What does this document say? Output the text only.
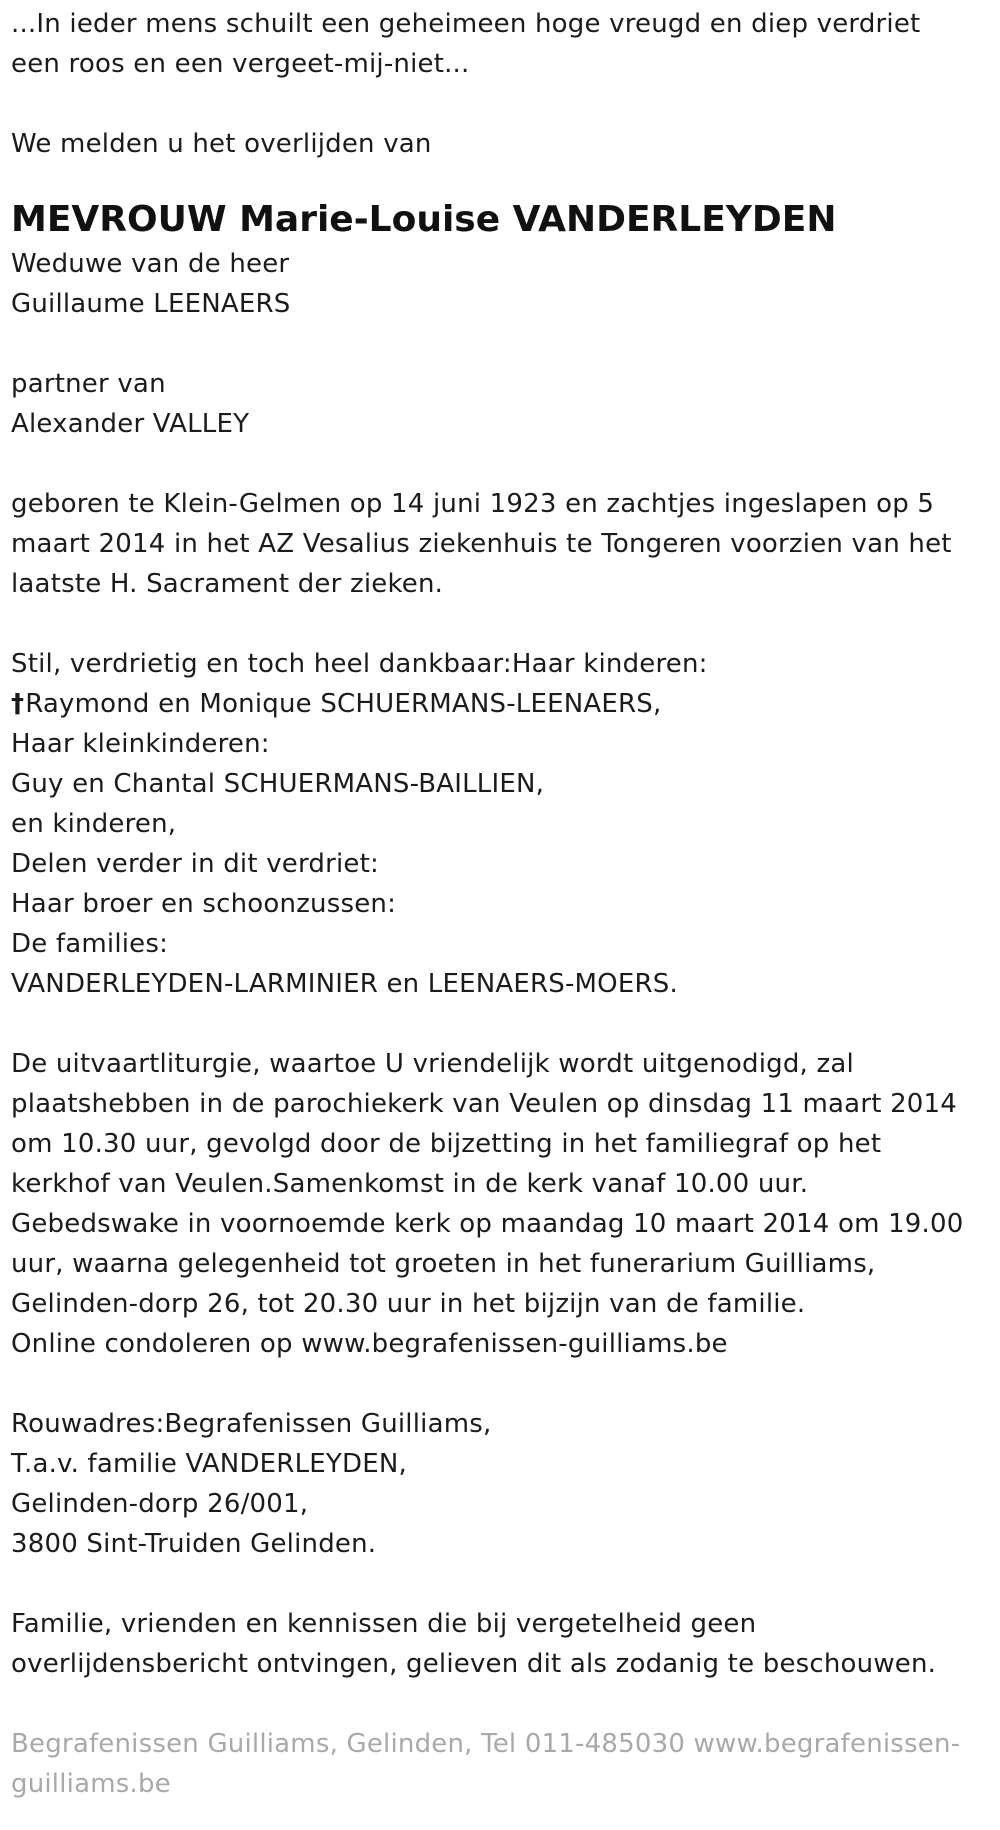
...In ieder mens schuilt een geheimeen hoge vreugd en diep verdriet
een roos en een vergeet-mij-niet...

We melden u het overlijden van

MEVROUW Marie-Louise VANDERLEYDEN
Weduwe van de heer
Guillaume LEENAERS

partner van
Alexander VALLEY

geboren te Klein-Gelmen op 14 juni 1923 en zachtjes ingeslapen op 5
maart 2014 in het AZ Vesalius ziekenhuis te Tongeren voorzien van het
laatste H. Sacrament der zieken.

Stil, verdrietig en toch heel dankbaar:Haar kinderen:
†Raymond en Monique SCHUERMANS-LEENAERS,
Haar kleinkinderen:
Guy en Chantal SCHUERMANS-BAILLIEN,
en kinderen,
Delen verder in dit verdriet:
Haar broer en schoonzussen:
De families:
VANDERLEYDEN-LARMINIER en LEENAERS-MOERS.

De uitvaartliturgie, waartoe U vriendelijk wordt uitgenodigd, zal
plaatshebben in de parochiekerk van Veulen op dinsdag 11 maart 2014
om 10.30 uur, gevolgd door de bijzetting in het familiegraf op het
kerkhof van Veulen.Samenkomst in de kerk vanaf 10.00 uur.
Gebedswake in voornoemde kerk op maandag 10 maart 2014 om 19.00
uur, waarna gelegenheid tot groeten in het funerarium Guilliams,
Gelinden-dorp 26, tot 20.30 uur in het bijzijn van de familie.
Online condoleren op www.begrafenissen-guilliams.be

Rouwadres:Begrafenissen Guilliams,
T.a.v. familie VANDERLEYDEN,
Gelinden-dorp 26/001,
3800 Sint-Truiden Gelinden.

Familie, vrienden en kennissen die bij vergetelheid geen
overlijdensbericht ontvingen, gelieven dit als zodanig te beschouwen.

Begrafenissen Guilliams, Gelinden, Tel 011-485030 www.begrafenissen-
guilliams.be
